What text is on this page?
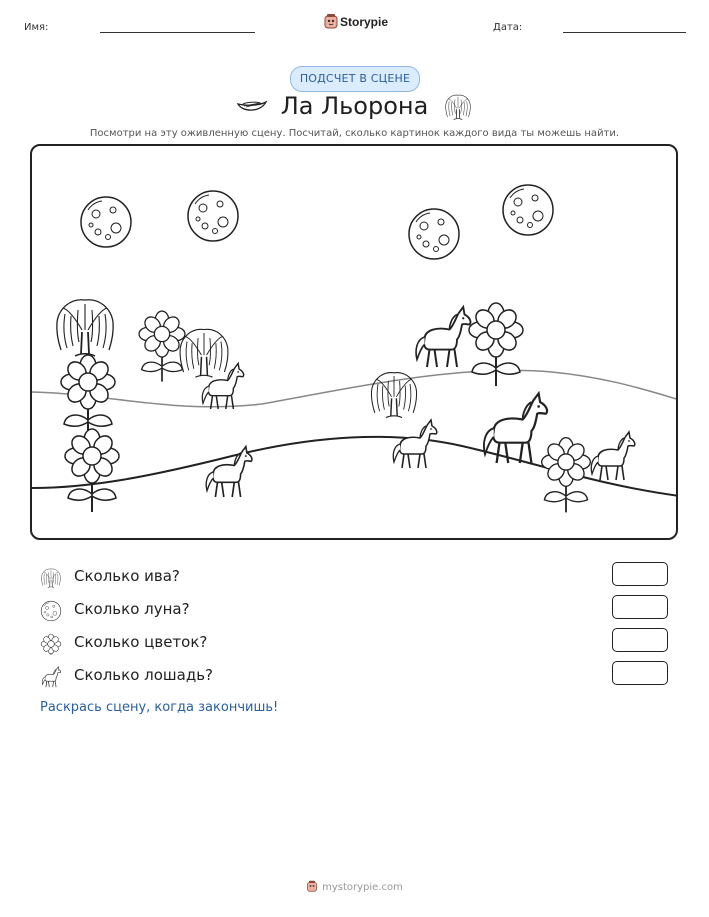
Имя:	Storypie	Дата:
ПОДСЧЕТ В СЦЕНЕ
Ла Льорона
Посмотри на эту оживленную сцену. Посчитай, сколько картинок каждого вида ты можешь найти.
Сколько ива?
Сколько луна?
Сколько цветок?
Сколько лошадь?
Раскрась сцену, когда закончишь!
mystorypie.com
